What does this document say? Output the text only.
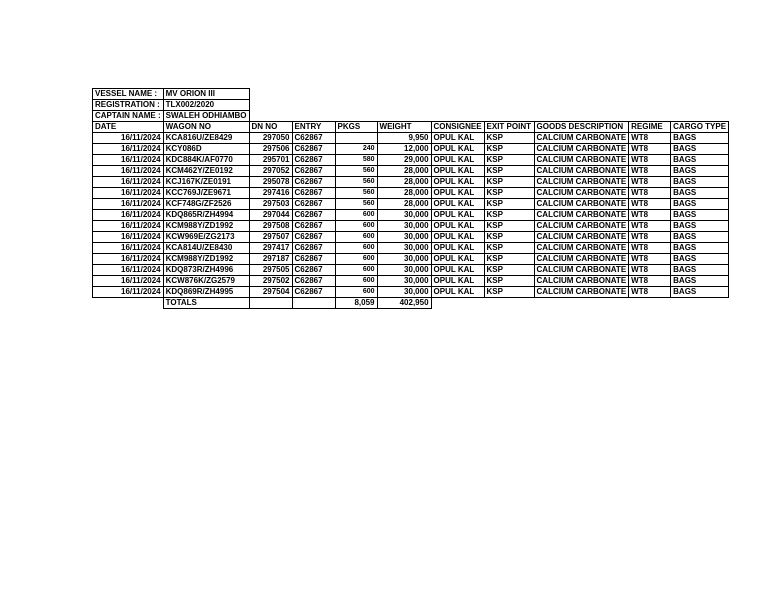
VESSEL NAME :	MV ORION III									
REGISTRATION :	TLX002/2020									
CAPTAIN NAME :	SWALEH ODHIAMBO									
DATE	WAGON NO	DN NO	ENTRY	PKGS	WEIGHT	CONSIGNEE	EXIT POINT	GOODS DESCRIPTION	REGIME	CARGO TYPE
16/11/2024	KCA816U/ZE8429	297050	C62867		9,950	OPUL KAL	KSP	CALCIUM CARBONATE	WT8	BAGS
16/11/2024	KCY086D	297506	C62867	240	12,000	OPUL KAL	KSP	CALCIUM CARBONATE	WT8	BAGS
16/11/2024	KDC884K/AF0770	295701	C62867	580	29,000	OPUL KAL	KSP	CALCIUM CARBONATE	WT8	BAGS
16/11/2024	KCM462Y/ZE0192	297052	C62867	560	28,000	OPUL KAL	KSP	CALCIUM CARBONATE	WT8	BAGS
16/11/2024	KCJ167K/ZE0191	295078	C62867	560	28,000	OPUL KAL	KSP	CALCIUM CARBONATE	WT8	BAGS
16/11/2024	KCC769J/ZE9671	297416	C62867	560	28,000	OPUL KAL	KSP	CALCIUM CARBONATE	WT8	BAGS
16/11/2024	KCF748G/ZF2526	297503	C62867	560	28,000	OPUL KAL	KSP	CALCIUM CARBONATE	WT8	BAGS
16/11/2024	KDQ865R/ZH4994	297044	C62867	600	30,000	OPUL KAL	KSP	CALCIUM CARBONATE	WT8	BAGS
16/11/2024	KCM988Y/ZD1992	297508	C62867	600	30,000	OPUL KAL	KSP	CALCIUM CARBONATE	WT8	BAGS
16/11/2024	KCW969E/ZG2173	297507	C62867	600	30,000	OPUL KAL	KSP	CALCIUM CARBONATE	WT8	BAGS
16/11/2024	KCA814U/ZE8430	297417	C62867	600	30,000	OPUL KAL	KSP	CALCIUM CARBONATE	WT8	BAGS
16/11/2024	KCM988Y/ZD1992	297187	C62867	600	30,000	OPUL KAL	KSP	CALCIUM CARBONATE	WT8	BAGS
16/11/2024	KDQ873R/ZH4996	297505	C62867	600	30,000	OPUL KAL	KSP	CALCIUM CARBONATE	WT8	BAGS
16/11/2024	KCW876K/ZG2579	297502	C62867	600	30,000	OPUL KAL	KSP	CALCIUM CARBONATE	WT8	BAGS
16/11/2024	KDQ869R/ZH4995	297504	C62867	600	30,000	OPUL KAL	KSP	CALCIUM CARBONATE	WT8	BAGS
	TOTALS			8,059	402,950					
